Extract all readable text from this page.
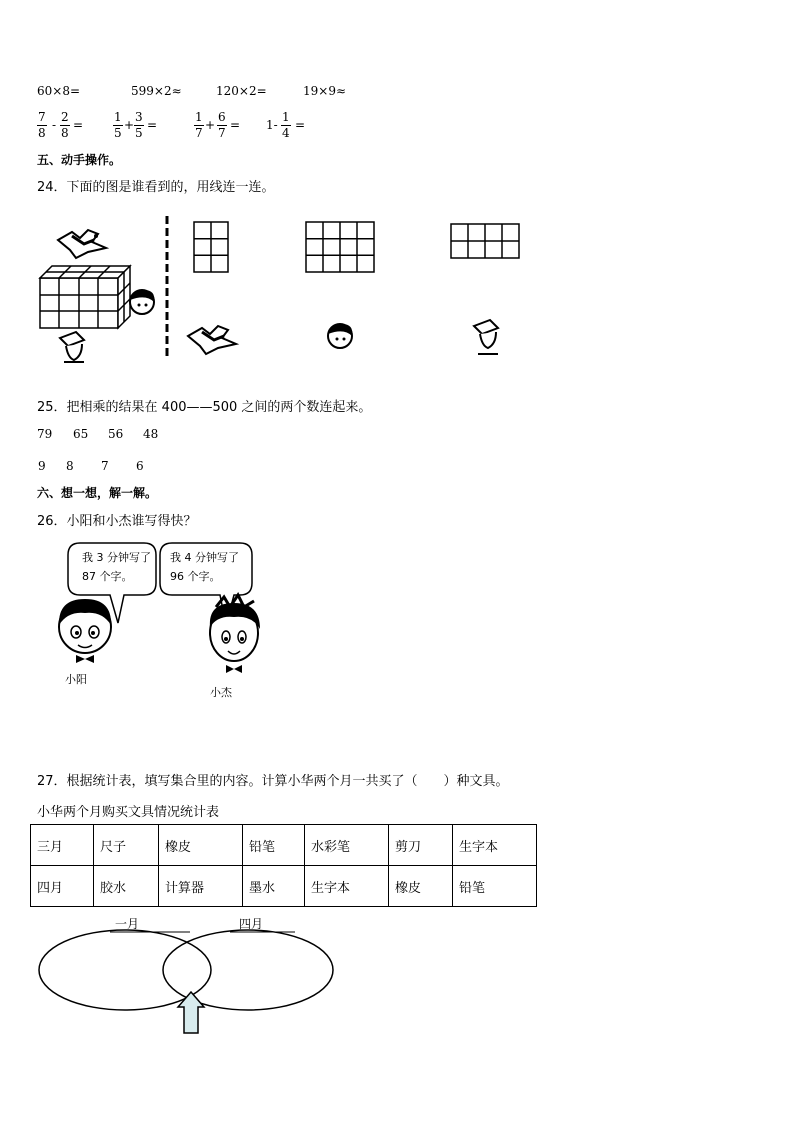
60×8=	599×2≈	120×2=	19×9≈
$\frac{7}{8} - \frac{2}{8} = \frac{1}{5} + \frac{3}{5}$ =	$\frac{1}{7} + \frac{6}{7} = 1- \frac{1}{4}$ =
五、动手操作。
24．下面的图是谁看到的，用线连一连。
25．把相乘的结果在 400——500 之间的两个数连起来。
79 65 56 48
9 8 7 6
六、想一想，解一解。
26．小阳和小杰谁写得快？
我 3 分钟写了
87 个字。
我 4 分钟写了
96 个字。
小阳
小杰
27．根据统计表，填写集合里的内容。计算小华两个月一共买了（　　）种文具。
小华两个月购买文具情况统计表
三月	尺子	橡皮	铅笔	水彩笔	剪刀	生字本
四月	胶水	计算器	墨水	生字本	橡皮	铅笔
一月	四月
